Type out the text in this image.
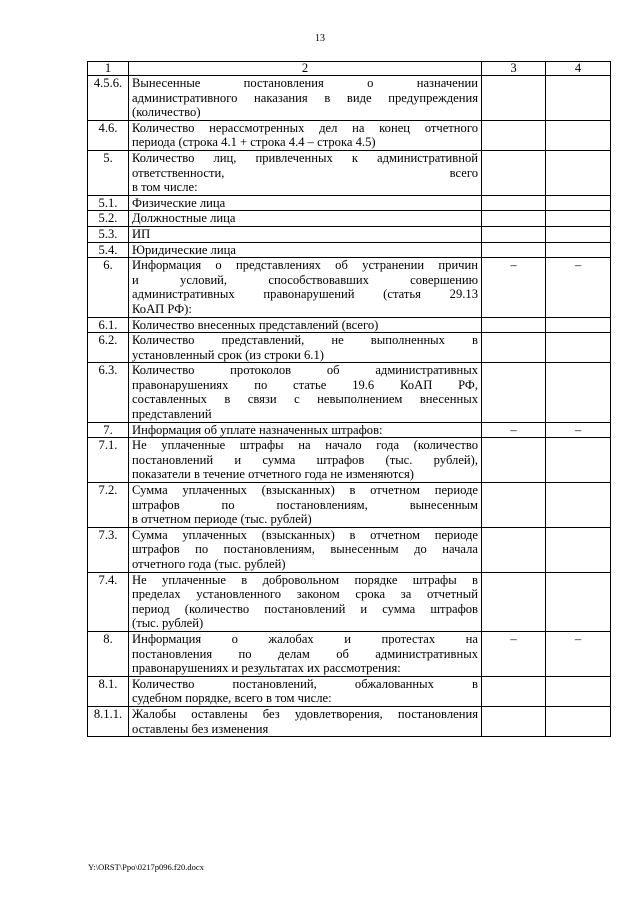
13
1	2	3	4
4.5.6.	Вынесенные постановления о назначении
административного наказания в виде предупреждения
(количество)		

4.6.	Количество нерассмотренных дел на конец отчетного
периода (строка 4.1 + строка 4.4 – строка 4.5)		

5.	Количество лиц, привлеченных к административной
ответственности, всего
в том числе:		

5.1.	Физические лица		

5.2.	Должностные лица		

5.3.	ИП		

5.4.	Юридические лица		

6.	Информация о представлениях об устранении причин
и условий, способствовавших совершению
административных правонарушений (статья 29.13
КоАП РФ):	–	–
6.1.	Количество внесенных представлений (всего)		

6.2.	Количество представлений, не выполненных в
установленный срок (из строки 6.1)		

6.3.	Количество протоколов об административных
правонарушениях по статье 19.6 КоАП РФ,
составленных в связи с невыполнением внесенных
представлений		

7.	Информация об уплате назначенных штрафов:	–	–
7.1.	Не уплаченные штрафы на начало года (количество
постановлений и сумма штрафов (тыс. рублей),
показатели в течение отчетного года не изменяются)		

7.2.	Сумма уплаченных (взысканных) в отчетном периоде
штрафов по постановлениям, вынесенным
в отчетном периоде (тыс. рублей)		

7.3.	Сумма уплаченных (взысканных) в отчетном периоде
штрафов по постановлениям, вынесенным до начала
отчетного года (тыс. рублей)		

7.4.	Не уплаченные в добровольном порядке штрафы в
пределах установленного законом срока за отчетный
период (количество постановлений и сумма штрафов
(тыс. рублей)		

8.	Информация о жалобах и протестах на
постановления по делам об административных
правонарушениях и результатах их рассмотрения:	–	–
8.1.	Количество постановлений, обжалованных в
судебном порядке, всего в том числе:		

8.1.1.	Жалобы оставлены без удовлетворения, постановления
оставлены без изменения		

Y:\ORST\Ppo\0217p096.f20.docx
